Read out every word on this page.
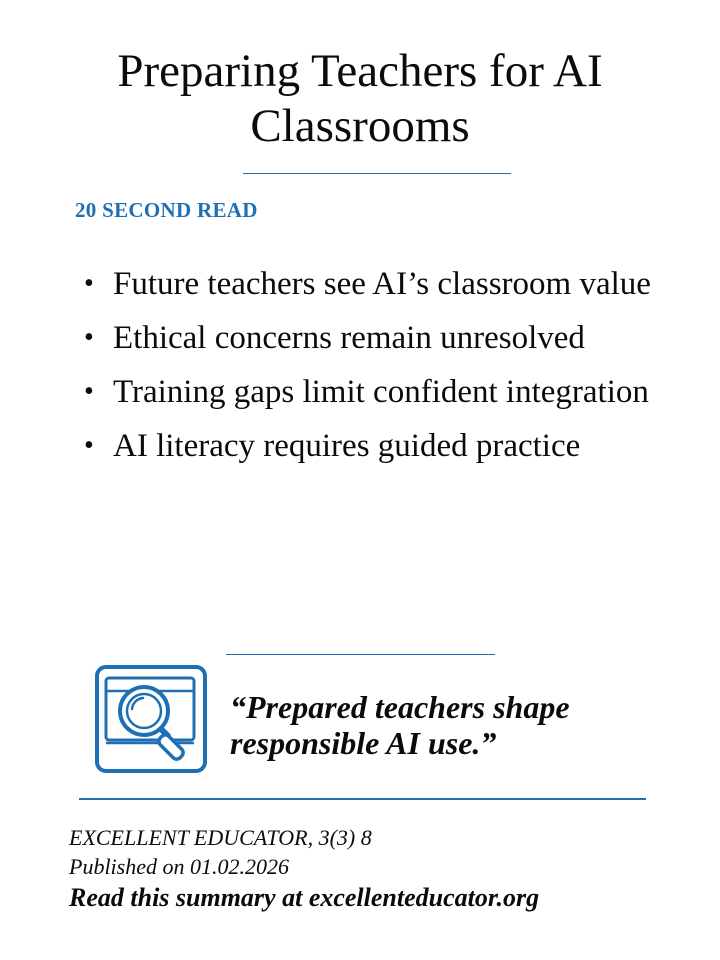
Preparing Teachers for AI Classrooms
20 SECOND READ
• Future teachers see AI’s classroom value
• Ethical concerns remain unresolved
• Training gaps limit confident integration
• AI literacy requires guided practice

“Prepared teachers shape responsible AI use.”

EXCELLENT EDUCATOR, 3(3) 8
Published on 01.02.2026
Read this summary at excellenteducator.org
